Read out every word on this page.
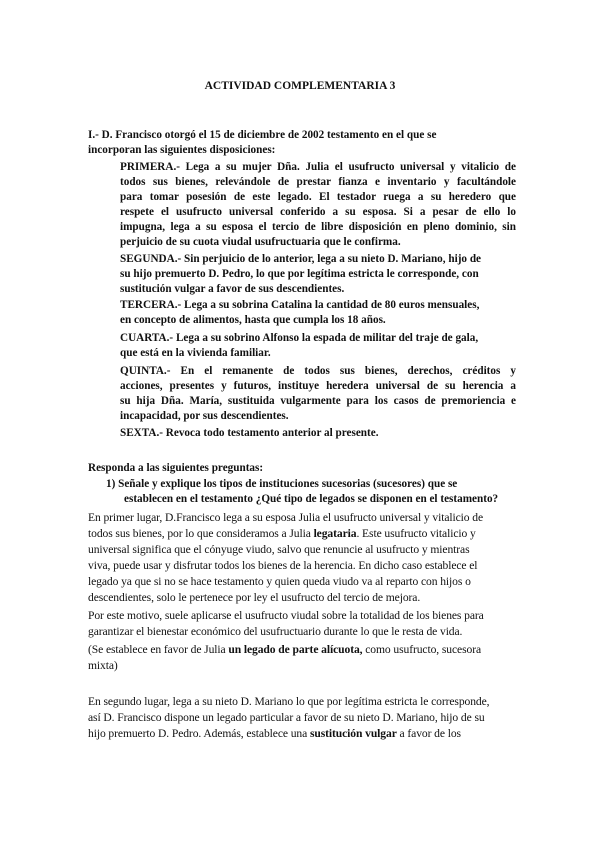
ACTIVIDAD COMPLEMENTARIA 3
I.- D. Francisco otorgó el 15 de diciembre de 2002 testamento en el que se
incorporan las siguientes disposiciones:
PRIMERA.- Lega a su mujer Dña. Julia el usufructo universal y vitalicio de
todos sus bienes, relevándole de prestar fianza e inventario y facultándole
para tomar posesión de este legado. El testador ruega a su heredero que
respete el usufructo universal conferido a su esposa. Si a pesar de ello lo
impugna, lega a su esposa el tercio de libre disposición en pleno dominio, sin
perjuicio de su cuota viudal usufructuaria que le confirma.
SEGUNDA.- Sin perjuicio de lo anterior, lega a su nieto D. Mariano, hijo de
su hijo premuerto D. Pedro, lo que por legítima estricta le corresponde, con
sustitución vulgar a favor de sus descendientes.
TERCERA.- Lega a su sobrina Catalina la cantidad de 80 euros mensuales,
en concepto de alimentos, hasta que cumpla los 18 años.
CUARTA.- Lega a su sobrino Alfonso la espada de militar del traje de gala,
que está en la vivienda familiar.
QUINTA.- En el remanente de todos sus bienes, derechos, créditos y
acciones, presentes y futuros, instituye heredera universal de su herencia a
su hija Dña. María, sustituida vulgarmente para los casos de premoriencia e
incapacidad, por sus descendientes.
SEXTA.- Revoca todo testamento anterior al presente.
Responda a las siguientes preguntas:
1) Señale y explique los tipos de instituciones sucesorias (sucesores) que se
establecen en el testamento ¿Qué tipo de legados se disponen en el testamento?
En primer lugar, D.Francisco lega a su esposa Julia el usufructo universal y vitalicio de
todos sus bienes, por lo que consideramos a Julia legataria. Este usufructo vitalicio y
universal significa que el cónyuge viudo, salvo que renuncie al usufructo y mientras
viva, puede usar y disfrutar todos los bienes de la herencia. En dicho caso establece el
legado ya que si no se hace testamento y quien queda viudo va al reparto con hijos o
descendientes, solo le pertenece por ley el usufructo del tercio de mejora.
Por este motivo, suele aplicarse el usufructo viudal sobre la totalidad de los bienes para
garantizar el bienestar económico del usufructuario durante lo que le resta de vida.
(Se establece en favor de Julia un legado de parte alícuota, como usufructo, sucesora
mixta)
En segundo lugar, lega a su nieto D. Mariano lo que por legítima estricta le corresponde,
así D. Francisco dispone un legado particular a favor de su nieto D. Mariano, hijo de su
hijo premuerto D. Pedro. Además, establece una sustitución vulgar a favor de los
